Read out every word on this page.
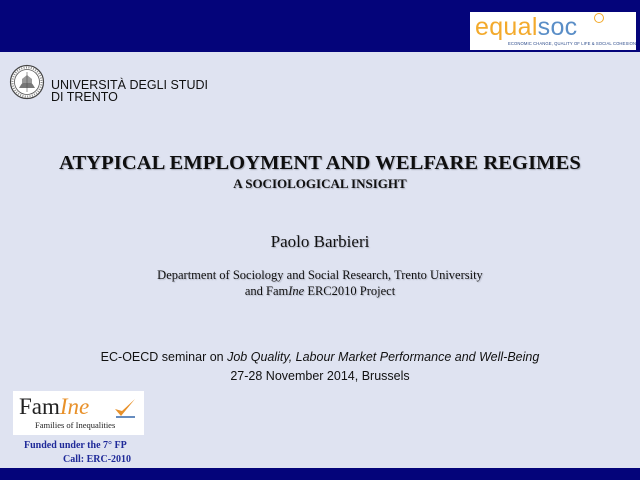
equalsoc
ECONOMIC CHANGE, QUALITY OF LIFE & SOCIAL COHESION
UNIVERSITÀ DEGLI STUDI
DI TRENTO
ATYPICAL EMPLOYMENT AND WELFARE REGIMES
A SOCIOLOGICAL INSIGHT
Paolo Barbieri
Department of Sociology and Social Research, Trento University
and FamIne ERC2010 Project
EC-OECD seminar on Job Quality, Labour Market Performance and Well-Being
27-28 November 2014, Brussels
FamIne
Families of Inequalities
Funded under the 7° FP
Call: ERC-2010
